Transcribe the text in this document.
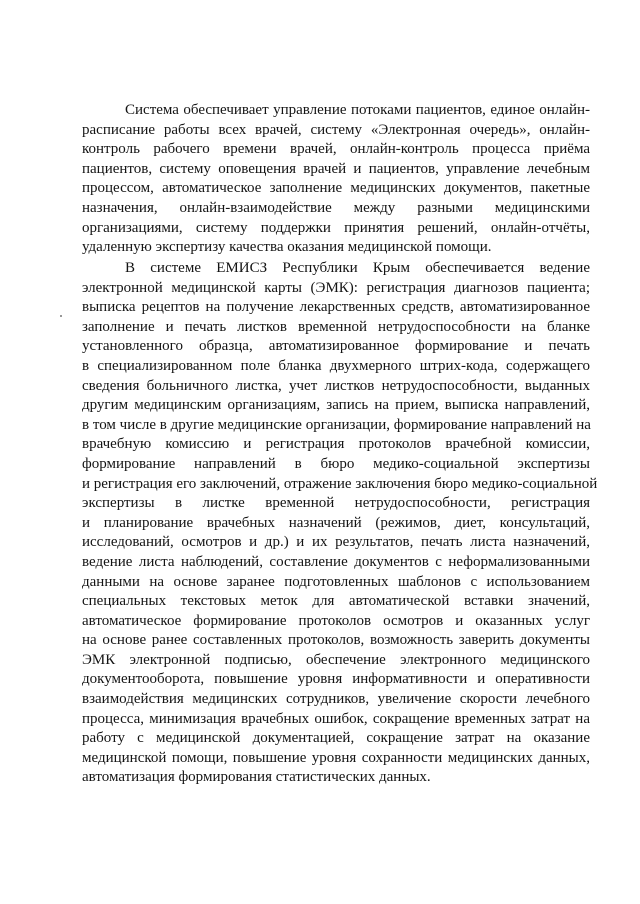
Система обеспечивает управление потоками пациентов, единое онлайн-
расписание работы всех врачей, систему «Электронная очередь», онлайн-
контроль рабочего времени врачей, онлайн-контроль процесса приёма
пациентов, систему оповещения врачей и пациентов, управление лечебным
процессом, автоматическое заполнение медицинских документов, пакетные
назначения, онлайн-взаимодействие между разными медицинскими
организациями, систему поддержки принятия решений, онлайн-отчёты,
удаленную экспертизу качества оказания медицинской помощи.
В системе ЕМИСЗ Республики Крым обеспечивается ведение
электронной медицинской карты (ЭМК): регистрация диагнозов пациента;
выписка рецептов на получение лекарственных средств, автоматизированное
заполнение и печать листков временной нетрудоспособности на бланке
установленного образца, автоматизированное формирование и печать
в специализированном поле бланка двухмерного штрих-кода, содержащего
сведения больничного листка, учет листков нетрудоспособности, выданных
другим медицинским организациям, запись на прием, выписка направлений,
в том числе в другие медицинские организации, формирование направлений на
врачебную комиссию и регистрация протоколов врачебной комиссии,
формирование направлений в бюро медико-социальной экспертизы
и регистрация его заключений, отражение заключения бюро медико-социальной
экспертизы в листке временной нетрудоспособности, регистрация
и планирование врачебных назначений (режимов, диет, консультаций,
исследований, осмотров и др.) и их результатов, печать листа назначений,
ведение листа наблюдений, составление документов с неформализованными
данными на основе заранее подготовленных шаблонов с использованием
специальных текстовых меток для автоматической вставки значений,
автоматическое формирование протоколов осмотров и оказанных услуг
на основе ранее составленных протоколов, возможность заверить документы
ЭМК электронной подписью, обеспечение электронного медицинского
документооборота, повышение уровня информативности и оперативности
взаимодействия медицинских сотрудников, увеличение скорости лечебного
процесса, минимизация врачебных ошибок, сокращение временных затрат на
работу с медицинской документацией, сокращение затрат на оказание
медицинской помощи, повышение уровня сохранности медицинских данных,
автоматизация формирования статистических данных.
